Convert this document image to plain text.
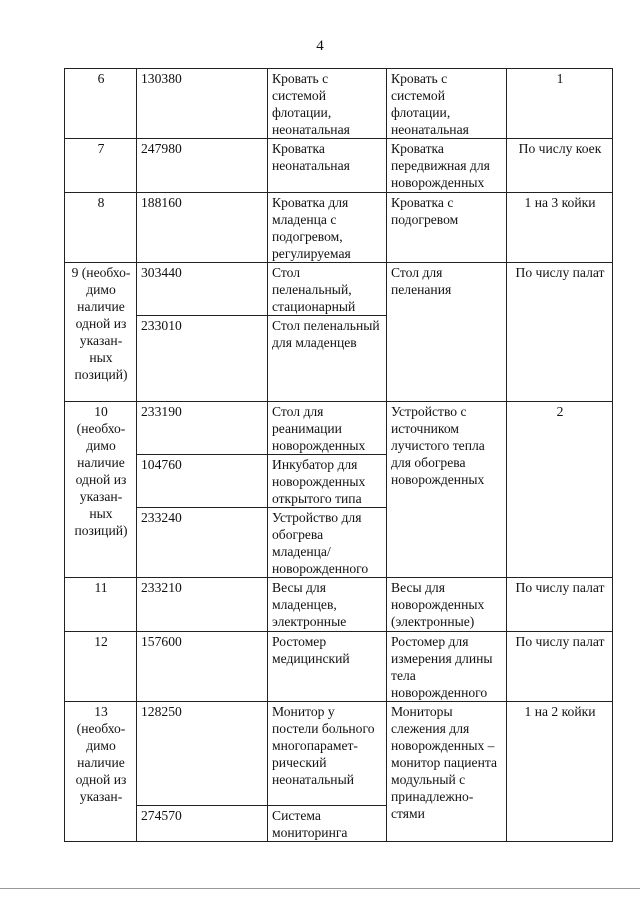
4
6	130380	Кровать с системой флотации, неонатальная	Кровать с системой флотации, неонатальная	1
7	247980	Кроватка неонатальная	Кроватка передвижная для новорожденных	По числу коек
8	188160	Кроватка для младенца с подогревом, регулируемая	Кроватка с подогревом	1 на 3 койки
9 (необхо-димо наличие одной из указан-ных позиций)	303440	Стол пеленальный, стационарный	Стол для пеленания	По числу палат
	233010	Стол пеленальный для младенцев		
10 (необхо-димо наличие одной из указан-ных позиций)	233190	Стол для реанимации новорожденных	Устройство с источником лучистого тепла для обогрева новорожденных	2
	104760	Инкубатор для новорожденных открытого типа		
	233240	Устройство для обогрева младенца/ новорожденного		
11	233210	Весы для младенцев, электронные	Весы для новорожденных (электронные)	По числу палат
12	157600	Ростомер медицинский	Ростомер для измерения длины тела новорожденного	По числу палат
13 (необхо-димо наличие одной из указан-	128250	Монитор у постели больного многопарамет-рический неонатальный	Мониторы слежения для новорожденных – монитор пациента модульный с принадлежно-стями	1 на 2 койки
	274570	Система мониторинга		
